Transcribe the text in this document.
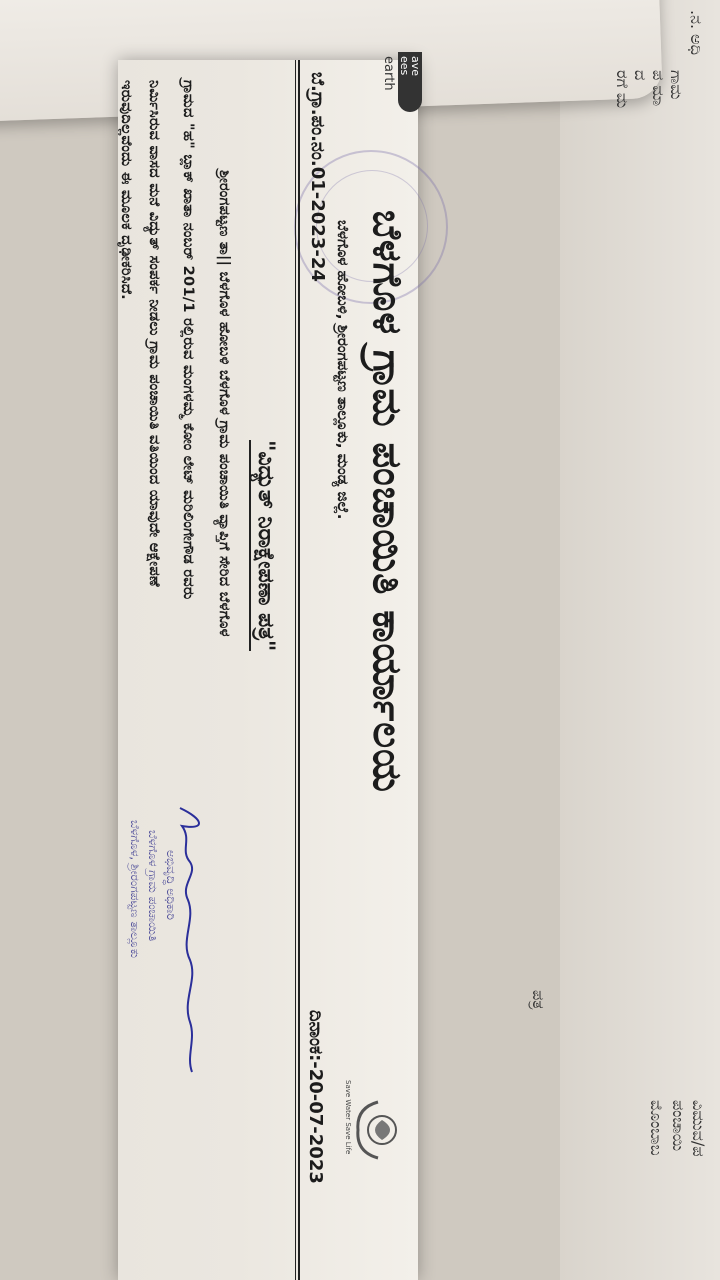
.ನ. ಅಧಿ
ಗಾಮ
ಪ ಮಾ
ದ
ರಗೆ ಮ
ಪತ್ರ
ವಿಮುವ/ಪ
ಪಂಚಾಯಿ
ಮೊಂಬಾಬ
ave
ees
earth
ಬೆಳಗೊಳ ಗ್ರಾಮ ಪಂಚಾಯಿತಿ ಕಾರ್ಯಾಲಯ
ಬೆಳಗೊಳ ಹೋಬಳಿ, ಶ್ರೀರಂಗಪಟ್ಟಣ ತಾಲ್ಲೂಕು, ಮಂಡ್ಯ ಜಿಲ್ಲೆ.
Save Water Save Life
ಬೆ.ಗ್ರಾ.ಪಂ.ನಂ.01-2023-24
ದಿನಾಂಕ:-20-07-2023
"ವಿದ್ಯುತ್ ನಿರಾಕ್ಷೇಪಣಾ ಪತ್ರ"
ಶ್ರೀರಂಗಪಟ್ಟಣ ತಾ|| ಬೆಳಗೊಳ ಹೋಬಳಿ ಬೆಳಗೊಳ ಗ್ರಾಮ ಪಂಚಾಯಿತಿ ವ್ಯಾಪ್ತಿಗೆ ಸೇರಿದ ಬೆಳಗೊಳ
ಗ್ರಾಮದ "ಹ" ಬ್ಲಾಕ್ ಖಾತಾ ನಂಬರ್ 201/1 ರಲ್ಲಿರುವ ಮಂಗಳಮ್ಮ ಕೋಂ ಲೇಟ್ ಮರಿಲಿಂಗೇಗೌಡ ರವರು
ನಿರ್ಮಿಸಿರುವ ವಾಸದ ಮನೆ ವಿದ್ಯುತ್ ಸಂಪರ್ಕ ನೀಡಲು ಗ್ರಾಮ ಪಂಚಾಯಿತಿ ವತಿಯಿಂದ ಯಾವುದೇ ಆಕ್ಷೇಪಣೆ
ಇರುವುದಿಲ್ಲವೆಂದು ಈ ಮೂಲಕ ದೃಢೀಕರಿಸಿದೆ.
ಅಭಿವೃದ್ಧಿ ಅಧಿಕಾರಿ
ಬೆಳಗೊಳ ಗ್ರಾಮ ಪಂಚಾಯಿತಿ
ಬೆಳಗೊಳ, ಶ್ರೀರಂಗಪಟ್ಟಣ ತಾಲ್ಲೂಕು
